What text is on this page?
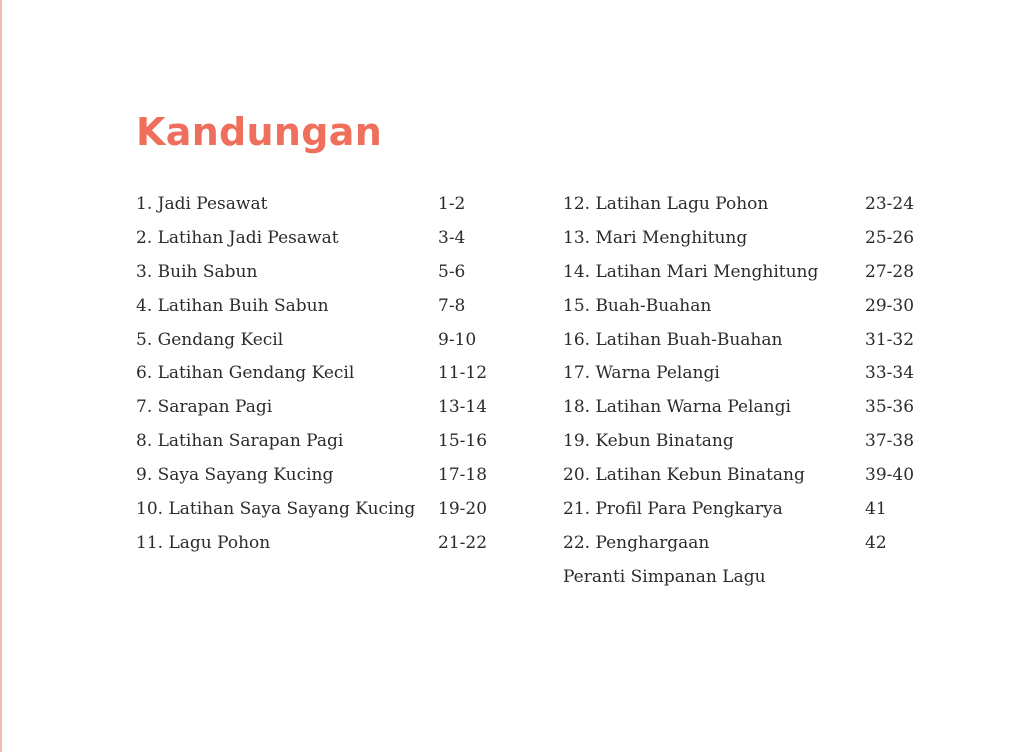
Kandungan
1. Jadi Pesawat	1-2
2. Latihan Jadi Pesawat	3-4
3. Buih Sabun	5-6
4. Latihan Buih Sabun	7-8
5. Gendang Kecil	9-10
6. Latihan Gendang Kecil	11-12
7. Sarapan Pagi	13-14
8. Latihan Sarapan Pagi	15-16
9. Saya Sayang Kucing	17-18
10. Latihan Saya Sayang Kucing 19-20
11. Lagu Pohon	21-22
12. Latihan Lagu Pohon	23-24
13. Mari Menghitung	25-26
14. Latihan Mari Menghitung	27-28
15. Buah-Buahan	29-30
16. Latihan Buah-Buahan	31-32
17. Warna Pelangi	33-34
18. Latihan Warna Pelangi	35-36
19. Kebun Binatang	37-38
20. Latihan Kebun Binatang	39-40
21. Profil Para Pengkarya	41
22. Penghargaan	42
Peranti Simpanan Lagu
